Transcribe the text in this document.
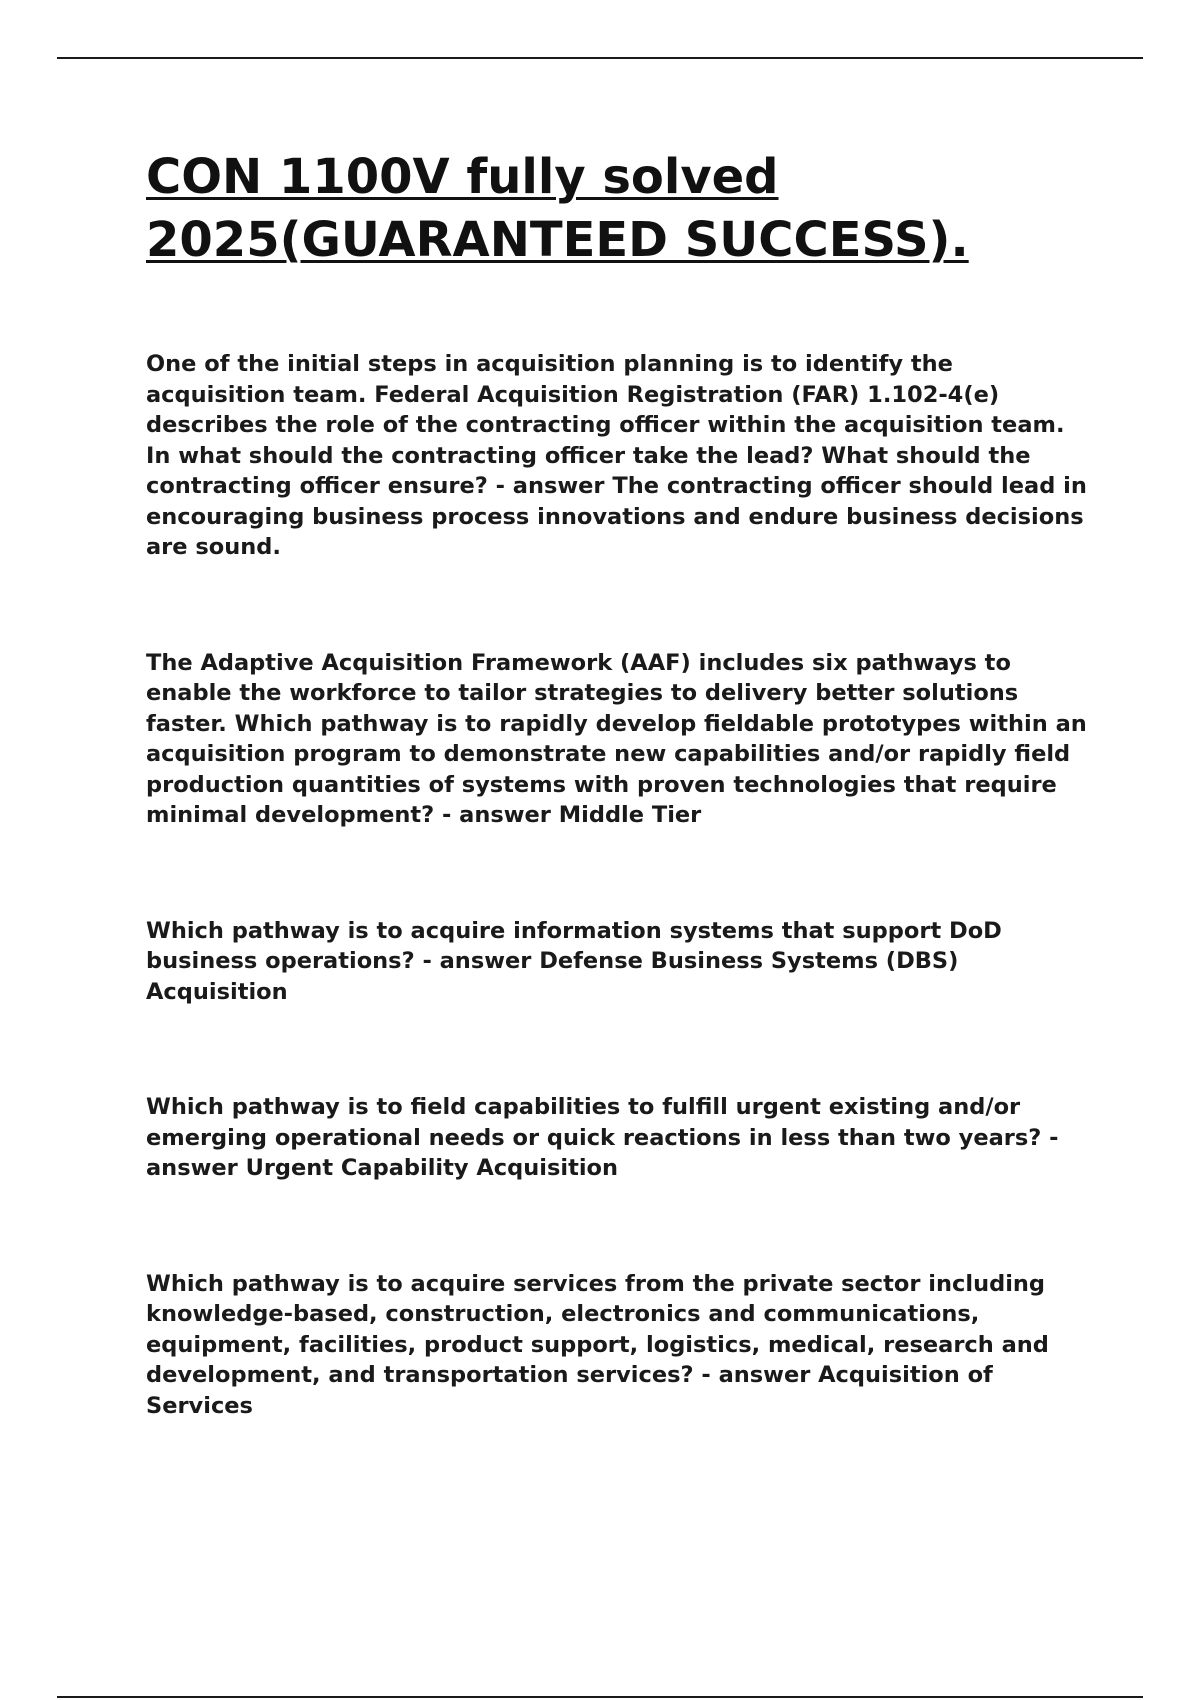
CON 1100V fully solved
2025(GUARANTEED SUCCESS).

One of the initial steps in acquisition planning is to identify the acquisition team. Federal Acquisition Registration (FAR) 1.102-4(e) describes the role of the contracting officer within the acquisition team. In what should the contracting officer take the lead? What should the contracting officer ensure? - answer The contracting officer should lead in encouraging business process innovations and endure business decisions are sound.

The Adaptive Acquisition Framework (AAF) includes six pathways to enable the workforce to tailor strategies to delivery better solutions faster. Which pathway is to rapidly develop fieldable prototypes within an acquisition program to demonstrate new capabilities and/or rapidly field production quantities of systems with proven technologies that require minimal development? - answer Middle Tier

Which pathway is to acquire information systems that support DoD business operations? - answer Defense Business Systems (DBS) Acquisition

Which pathway is to field capabilities to fulfill urgent existing and/or emerging operational needs or quick reactions in less than two years? - answer Urgent Capability Acquisition

Which pathway is to acquire services from the private sector including knowledge-based, construction, electronics and communications, equipment, facilities, product support, logistics, medical, research and development, and transportation services? - answer Acquisition of Services
